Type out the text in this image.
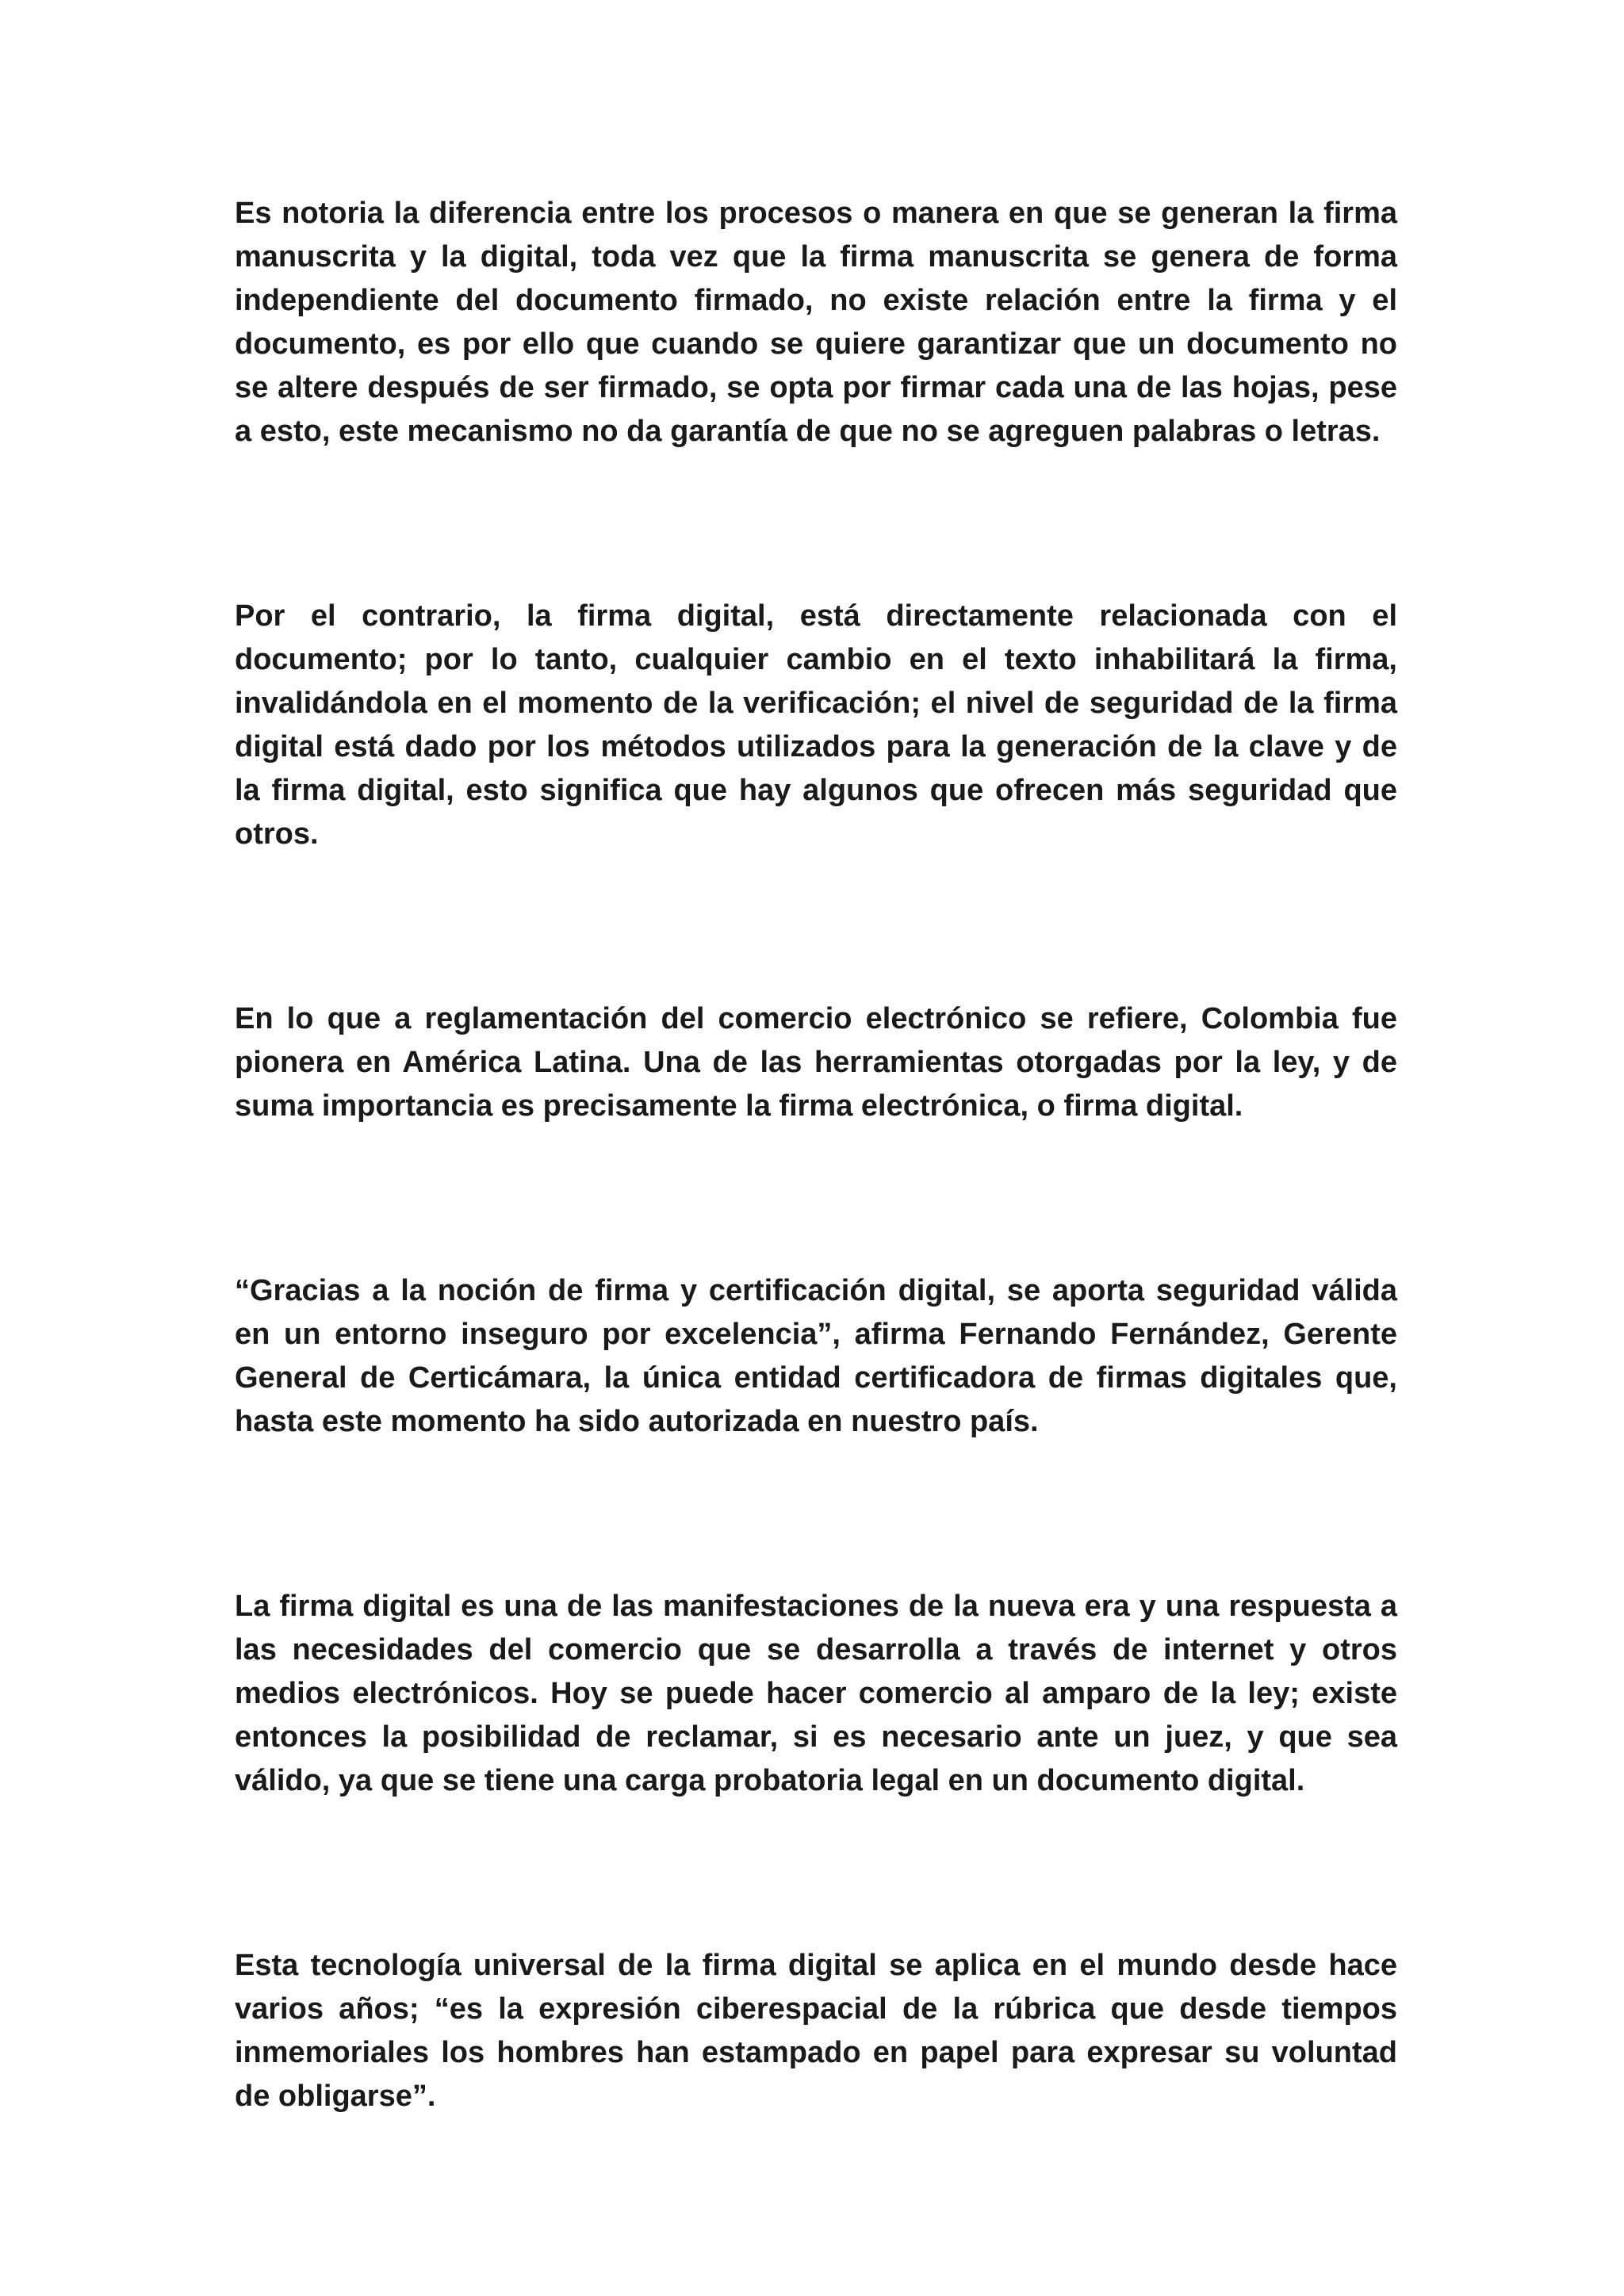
Es notoria la diferencia entre los procesos o manera en que se generan la firma manuscrita y la digital, toda vez que la firma manuscrita se genera de forma independiente del documento firmado, no existe relación entre la firma y el documento, es por ello que cuando se quiere garantizar que un documento no se altere después de ser firmado, se opta por firmar cada una de las hojas, pese a esto, este mecanismo no da garantía de que no se agreguen palabras o letras.

Por el contrario, la firma digital, está directamente relacionada con el documento; por lo tanto, cualquier cambio en el texto inhabilitará la firma, invalidándola en el momento de la verificación; el nivel de seguridad de la firma digital está dado por los métodos utilizados para la generación de la clave y de la firma digital, esto significa que hay algunos que ofrecen más seguridad que otros.

En lo que a reglamentación del comercio electrónico se refiere, Colombia fue pionera en América Latina. Una de las herramientas otorgadas por la ley, y de suma importancia es precisamente la firma electrónica, o firma digital.

“Gracias a la noción de firma y certificación digital, se aporta seguridad válida en un entorno inseguro por excelencia”, afirma Fernando Fernández, Gerente General de Certicámara, la única entidad certificadora de firmas digitales que, hasta este momento ha sido autorizada en nuestro país.

La firma digital es una de las manifestaciones de la nueva era y una respuesta a las necesidades del comercio que se desarrolla a través de internet y otros medios electrónicos. Hoy se puede hacer comercio al amparo de la ley; existe entonces la posibilidad de reclamar, si es necesario ante un juez, y que sea válido, ya que se tiene una carga probatoria legal en un documento digital.

Esta tecnología universal de la firma digital se aplica en el mundo desde hace varios años; “es la expresión ciberespacial de la rúbrica que desde tiempos inmemoriales los hombres han estampado en papel para expresar su voluntad de obligarse”.
